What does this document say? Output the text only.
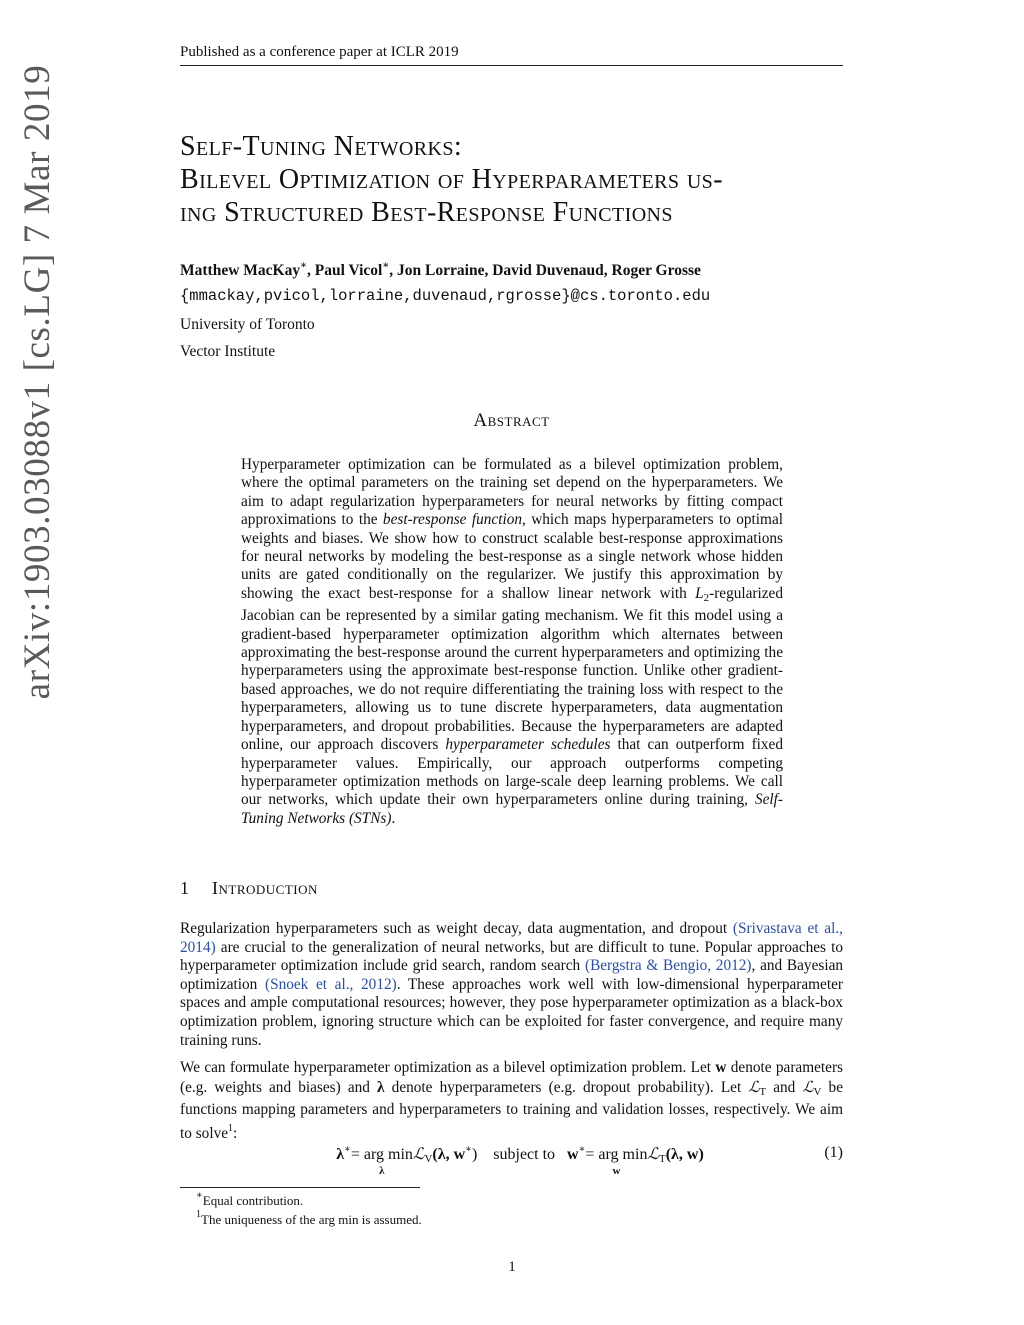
Published as a conference paper at ICLR 2019
arXiv:1903.03088v1 [cs.LG] 7 Mar 2019	Self-Tuning Networks:
Bilevel Optimization of Hyperparameters us-
ing Structured Best-Response Functions
Matthew MacKay∗, Paul Vicol∗, Jon Lorraine, David Duvenaud, Roger Grosse
{mmackay,pvicol,lorraine,duvenaud,rgrosse}@cs.toronto.edu
University of Toronto
Vector Institute
Abstract

Hyperparameter optimization can be formulated as a bilevel optimization problem, where the optimal parameters on the training set depend on the hyperparameters. We aim to adapt regularization hyperparameters for neural networks by fitting compact approximations to the best-response function, which maps hyperparameters to optimal weights and biases. We show how to construct scalable best-response approximations for neural networks by modeling the best-response as a single network whose hidden units are gated conditionally on the regularizer. We justify this approximation by showing the exact best-response for a shallow linear network with $L_2$-regularized Jacobian can be represented by a similar gating mechanism. We fit this model using a gradient-based hyperparameter optimization algorithm which alternates between approximating the best-response around the current hyperparameters and optimizing the hyperparameters using the approximate best-response function. Unlike other gradient-based approaches, we do not require differentiating the training loss with respect to the hyperparameters, allowing us to tune discrete hyperparameters, data augmentation hyperparameters, and dropout probabilities. Because the hyperparameters are adapted online, our approach discovers hyperparameter schedules that can outperform fixed hyperparameter values. Empirically, our approach outperforms competing hyperparameter optimization methods on large-scale deep learning problems. We call our networks, which update their own hyperparameters online during training, Self-Tuning Networks (STNs).

1 Introduction

Regularization hyperparameters such as weight decay, data augmentation, and dropout (Srivastava et al., 2014) are crucial to the generalization of neural networks, but are difficult to tune. Popular approaches to hyperparameter optimization include grid search, random search (Bergstra & Bengio, 2012), and Bayesian optimization (Snoek et al., 2012). These approaches work well with low-dimensional hyperparameter spaces and ample computational resources; however, they pose hyperparameter optimization as a black-box optimization problem, ignoring structure which can be exploited for faster convergence, and require many training runs.

We can formulate hyperparameter optimization as a bilevel optimization problem. Let w denote parameters (e.g. weights and biases) and λ denote hyperparameters (e.g. dropout probability). Let ℒ$_T$ and ℒ$_V$ be functions mapping parameters and hyperparameters to training and validation losses, respectively. We aim to solve$^1$:

λ∗= arg min
λ
ℒ$_V$(λ, w∗) subject to w∗= arg min
w
ℒ$_T$(λ, w)	(1)
∗Equal contribution.
$^1$The uniqueness of the arg min is assumed.
1
